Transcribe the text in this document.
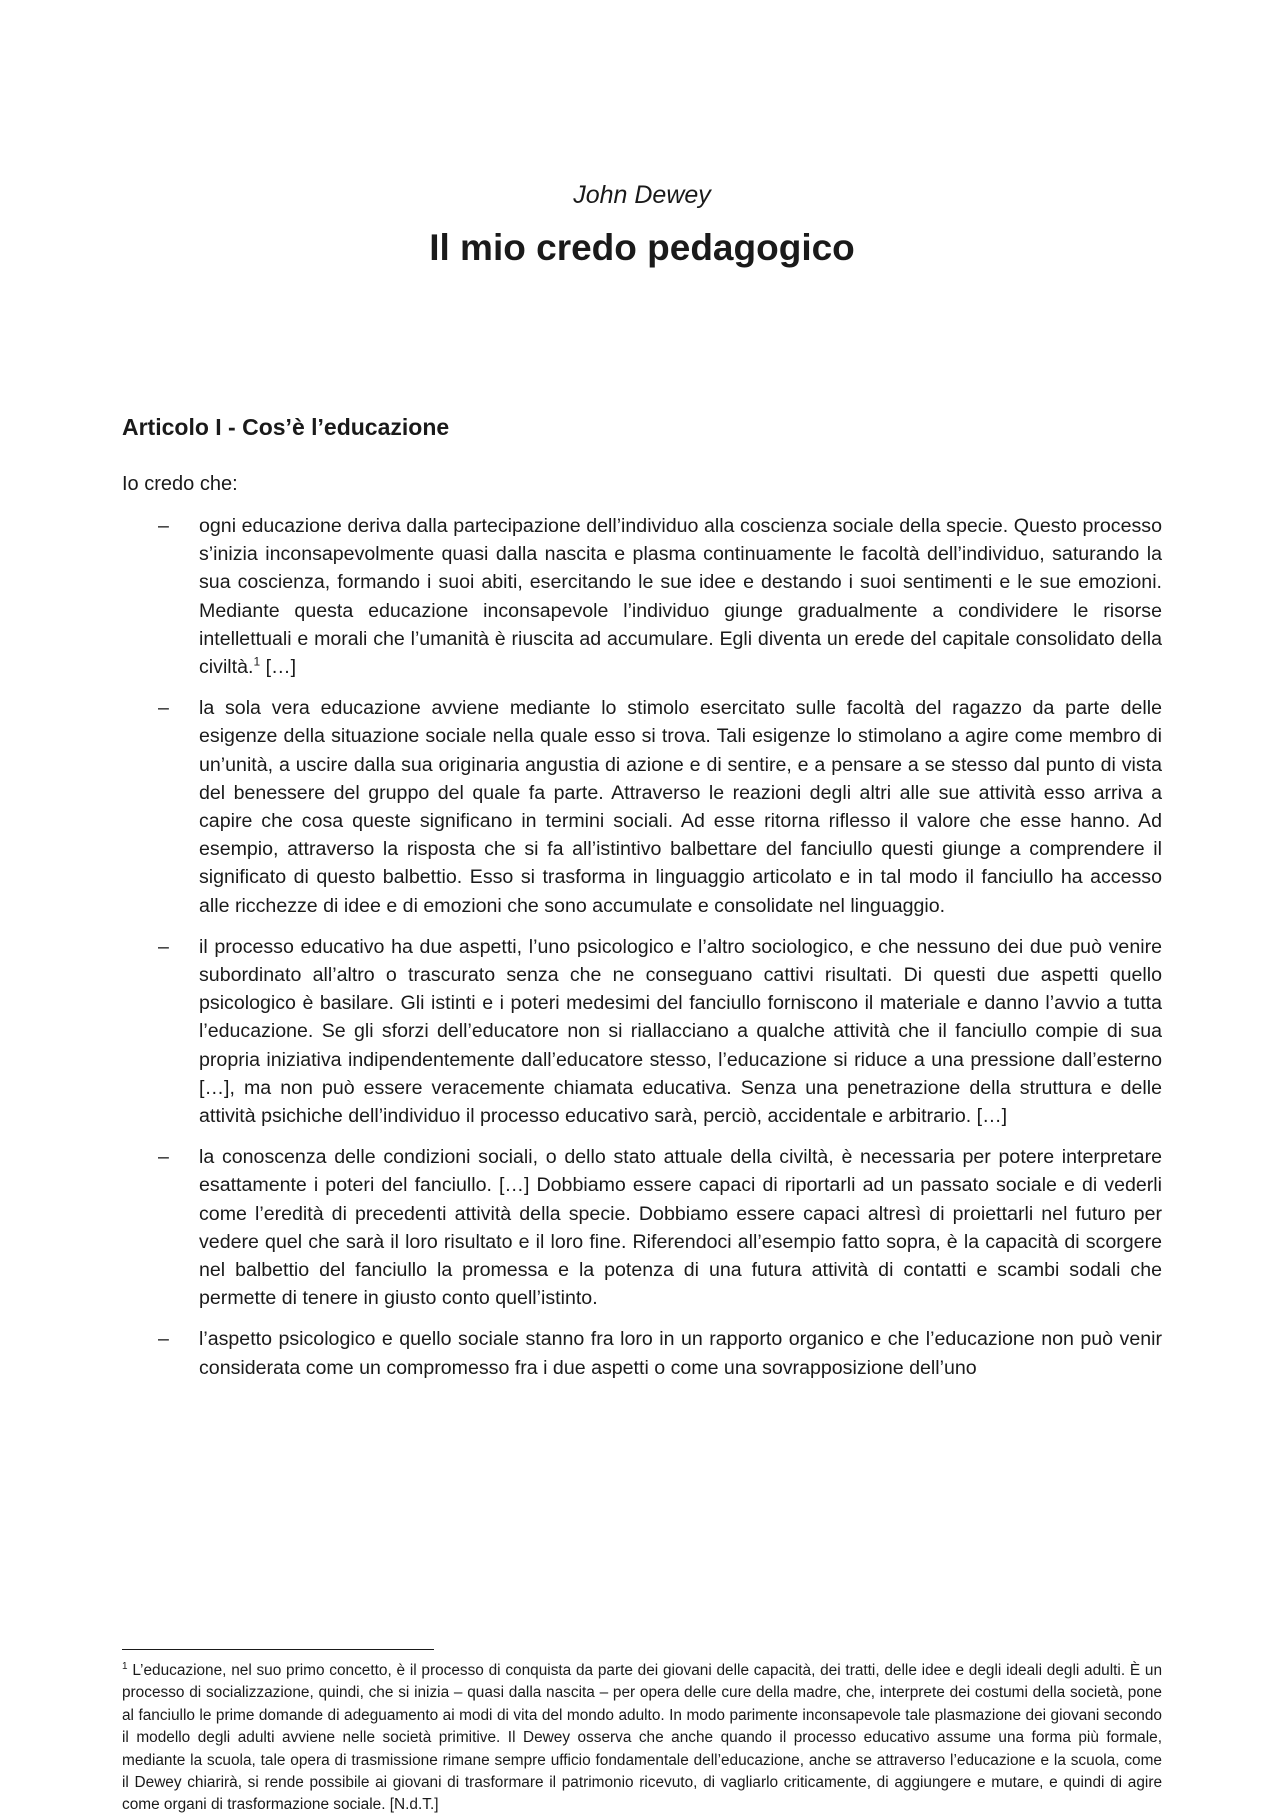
John Dewey
Il mio credo pedagogico
Articolo I - Cos’è l’educazione

Io credo che:

– ogni educazione deriva dalla partecipazione dell’individuo alla coscienza sociale della specie. Questo processo s’inizia inconsapevolmente quasi dalla nascita e plasma continuamente le facoltà dell’individuo, saturando la sua coscienza, formando i suoi abiti, esercitando le sue idee e destando i suoi sentimenti e le sue emozioni. Mediante questa educazione inconsapevole l’individuo giunge gradualmente a condividere le risorse intellettuali e morali che l’umanità è riuscita ad accumulare. Egli diventa un erede del capitale consolidato della civiltà.$^1$ […]
– la sola vera educazione avviene mediante lo stimolo esercitato sulle facoltà del ragazzo da parte delle esigenze della situazione sociale nella quale esso si trova. Tali esigenze lo stimolano a agire come membro di un’unità, a uscire dalla sua originaria angustia di azione e di sentire, e a pensare a se stesso dal punto di vista del benessere del gruppo del quale fa parte. Attraverso le reazioni degli altri alle sue attività esso arriva a capire che cosa queste significano in termini sociali. Ad esse ritorna riflesso il valore che esse hanno. Ad esempio, attraverso la risposta che si fa all’istintivo balbettare del fanciullo questi giunge a comprendere il significato di questo balbettio. Esso si trasforma in linguaggio articolato e in tal modo il fanciullo ha accesso alle ricchezze di idee e di emozioni che sono accumulate e consolidate nel linguaggio.
– il processo educativo ha due aspetti, l’uno psicologico e l’altro sociologico, e che nessuno dei due può venire subordinato all’altro o trascurato senza che ne conseguano cattivi risultati. Di questi due aspetti quello psicologico è basilare. Gli istinti e i poteri medesimi del fanciullo forniscono il materiale e danno l’avvio a tutta l’educazione. Se gli sforzi dell’educatore non si riallacciano a qualche attività che il fanciullo compie di sua propria iniziativa indipendentemente dall’educatore stesso, l’educazione si riduce a una pressione dall’esterno […], ma non può essere veracemente chiamata educativa. Senza una penetrazione della struttura e delle attività psichiche dell’individuo il processo educativo sarà, perciò, accidentale e arbitrario. […]
– la conoscenza delle condizioni sociali, o dello stato attuale della civiltà, è necessaria per potere interpretare esattamente i poteri del fanciullo. […] Dobbiamo essere capaci di riportarli ad un passato sociale e di vederli come l’eredità di precedenti attività della specie. Dobbiamo essere capaci altresì di proiettarli nel futuro per vedere quel che sarà il loro risultato e il loro fine. Riferendoci all’esempio fatto sopra, è la capacità di scorgere nel balbettio del fanciullo la promessa e la potenza di una futura attività di contatti e scambi sodali che permette di tenere in giusto conto quell’istinto.
– l’aspetto psicologico e quello sociale stanno fra loro in un rapporto organico e che l’educazione non può venir considerata come un compromesso fra i due aspetti o come una sovrapposizione dell’uno

$^1$ L’educazione, nel suo primo concetto, è il processo di conquista da parte dei giovani delle capacità, dei tratti, delle idee e degli ideali degli adulti. È un processo di socializzazione, quindi, che si inizia – quasi dalla nascita – per opera delle cure della madre, che, interprete dei costumi della società, pone al fanciullo le prime domande di adeguamento ai modi di vita del mondo adulto. In modo parimente inconsapevole tale plasmazione dei giovani secondo il modello degli adulti avviene nelle società primitive. Il Dewey osserva che anche quando il processo educativo assume una forma più formale, mediante la scuola, tale opera di trasmissione rimane sempre ufficio fondamentale dell’educazione, anche se attraverso l’educazione e la scuola, come il Dewey chiarirà, si rende possibile ai giovani di trasformare il patrimonio ricevuto, di vagliarlo criticamente, di aggiungere e mutare, e quindi di agire come organi di trasformazione sociale. [N.d.T.]
